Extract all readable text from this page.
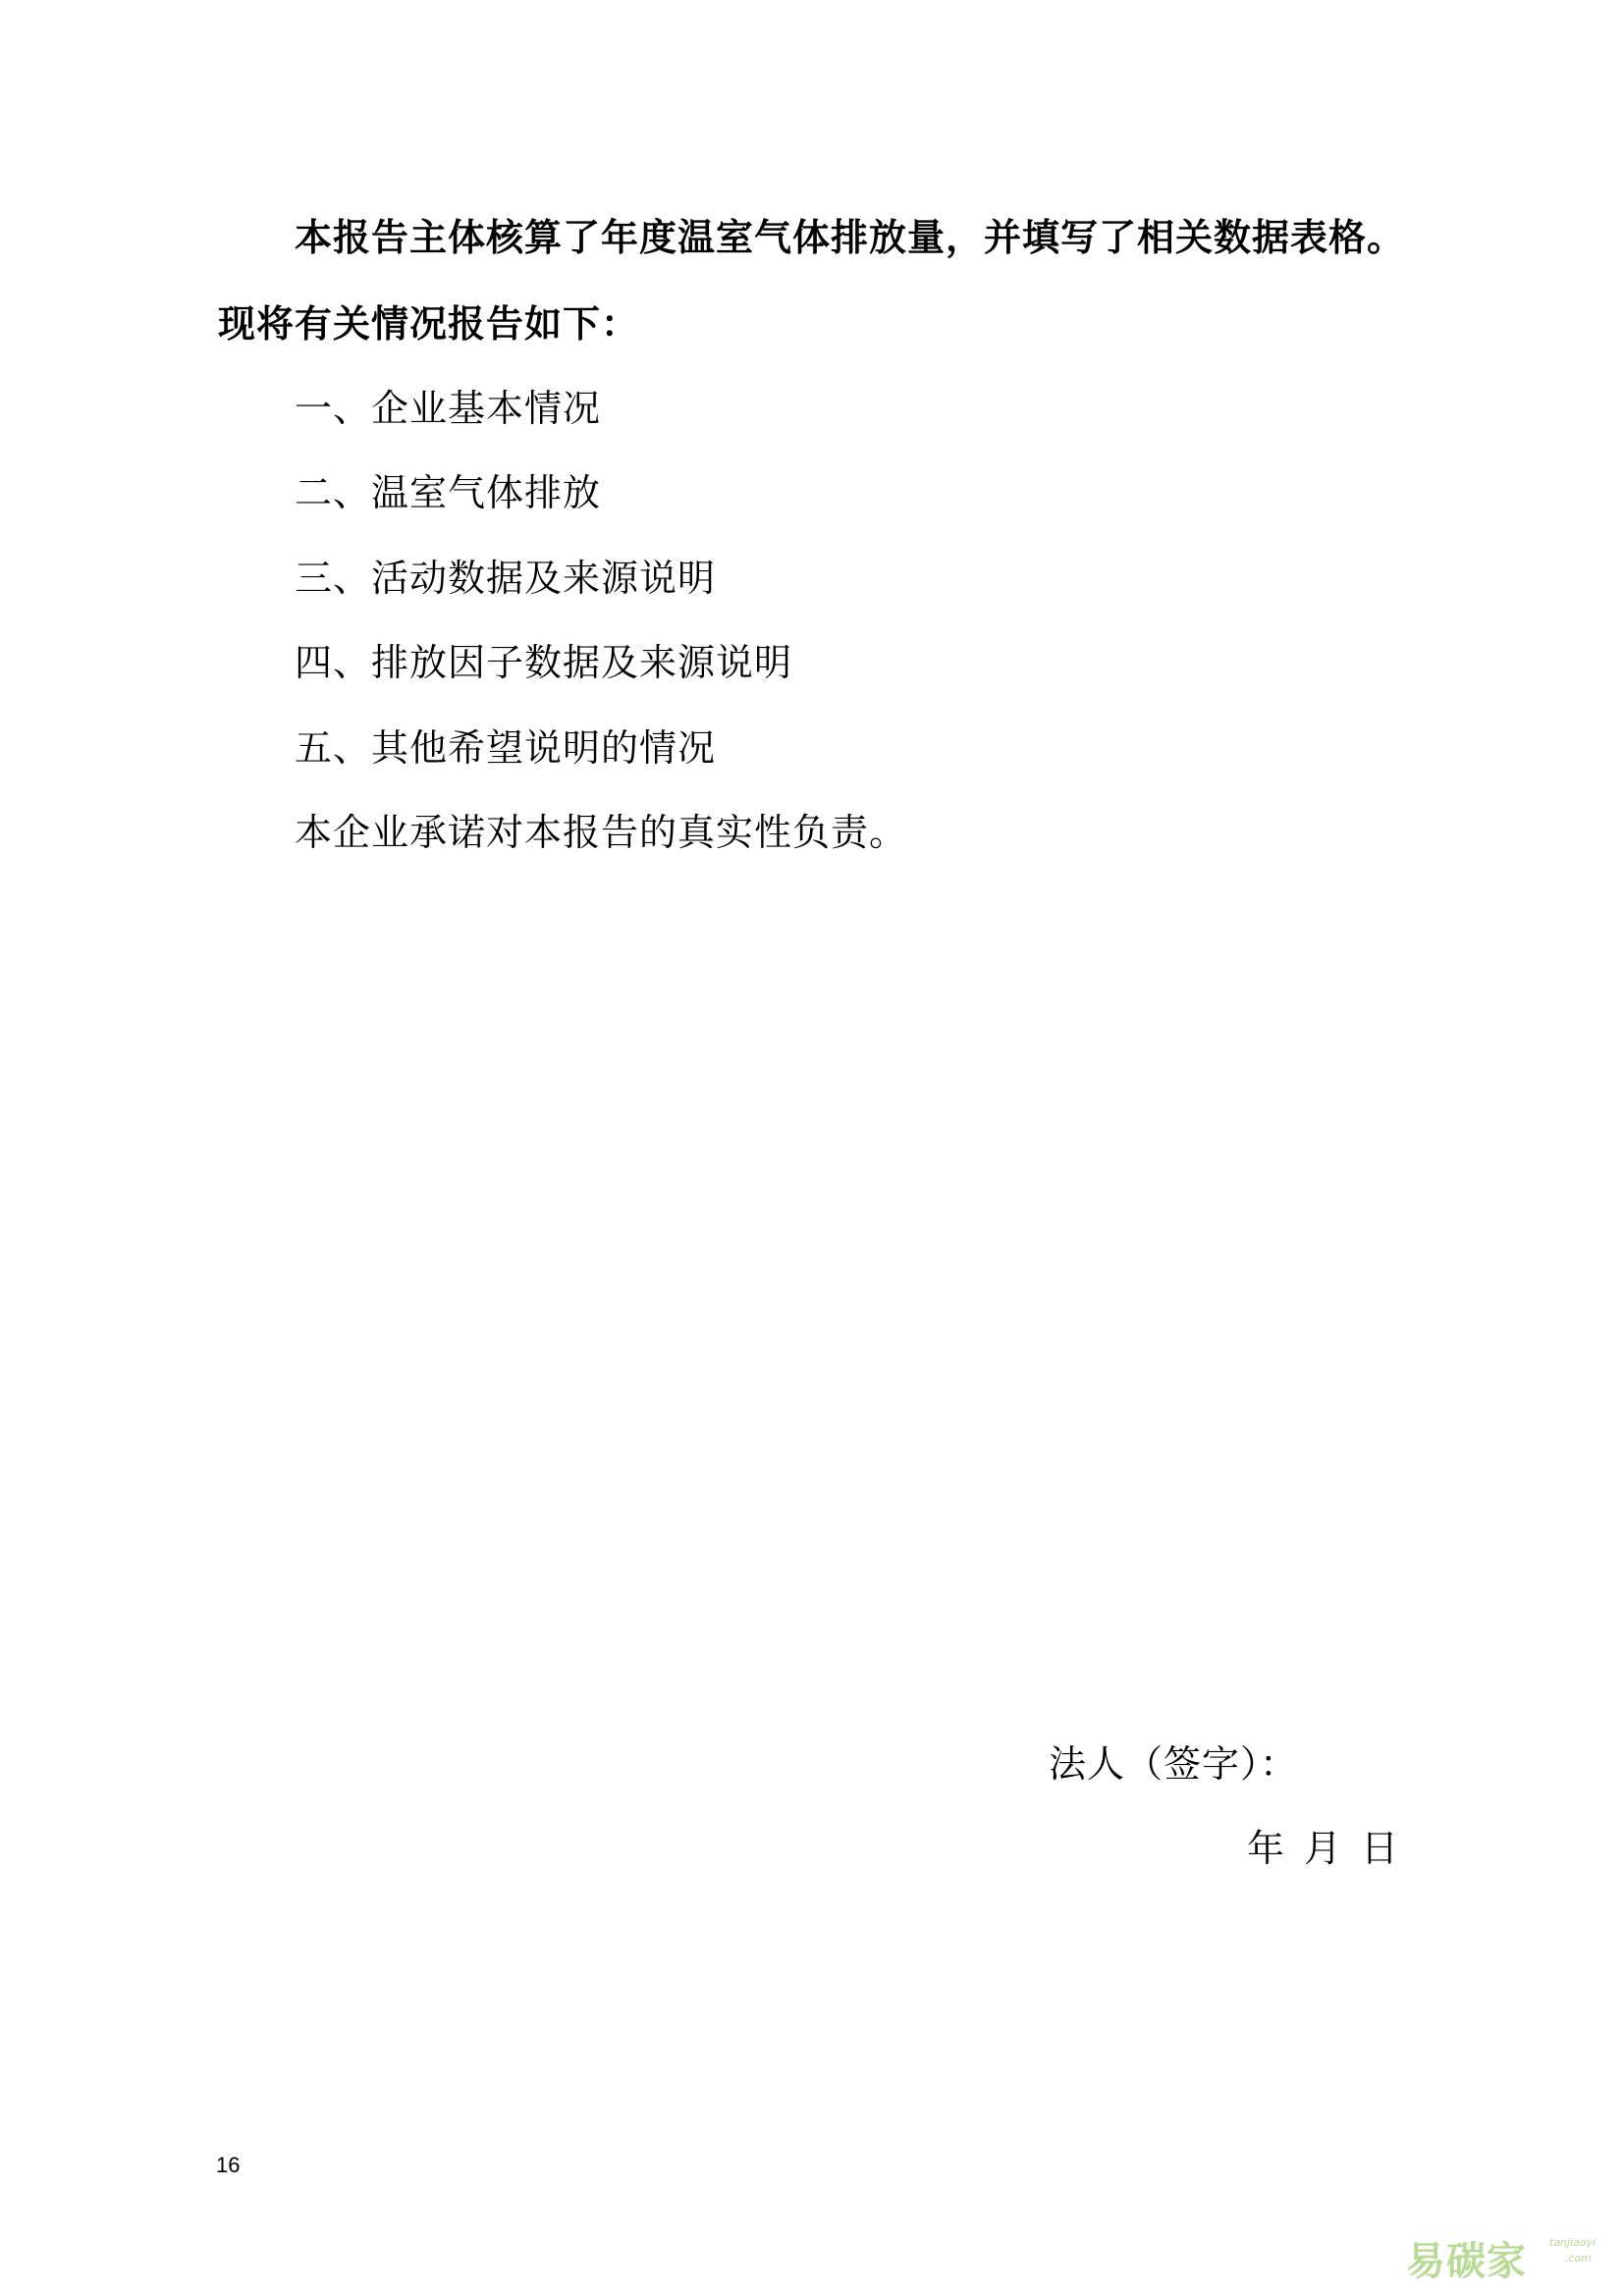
本报告主体核算了年度温室气体排放量，并填写了相关数据表格。
现将有关情况报告如下：
一、企业基本情况
二、温室气体排放
三、活动数据及来源说明
四、排放因子数据及来源说明
五、其他希望说明的情况
本企业承诺对本报告的真实性负责。
法人（签字）：
年 月 日
16
易碳家 tanjiaoyi
.com
